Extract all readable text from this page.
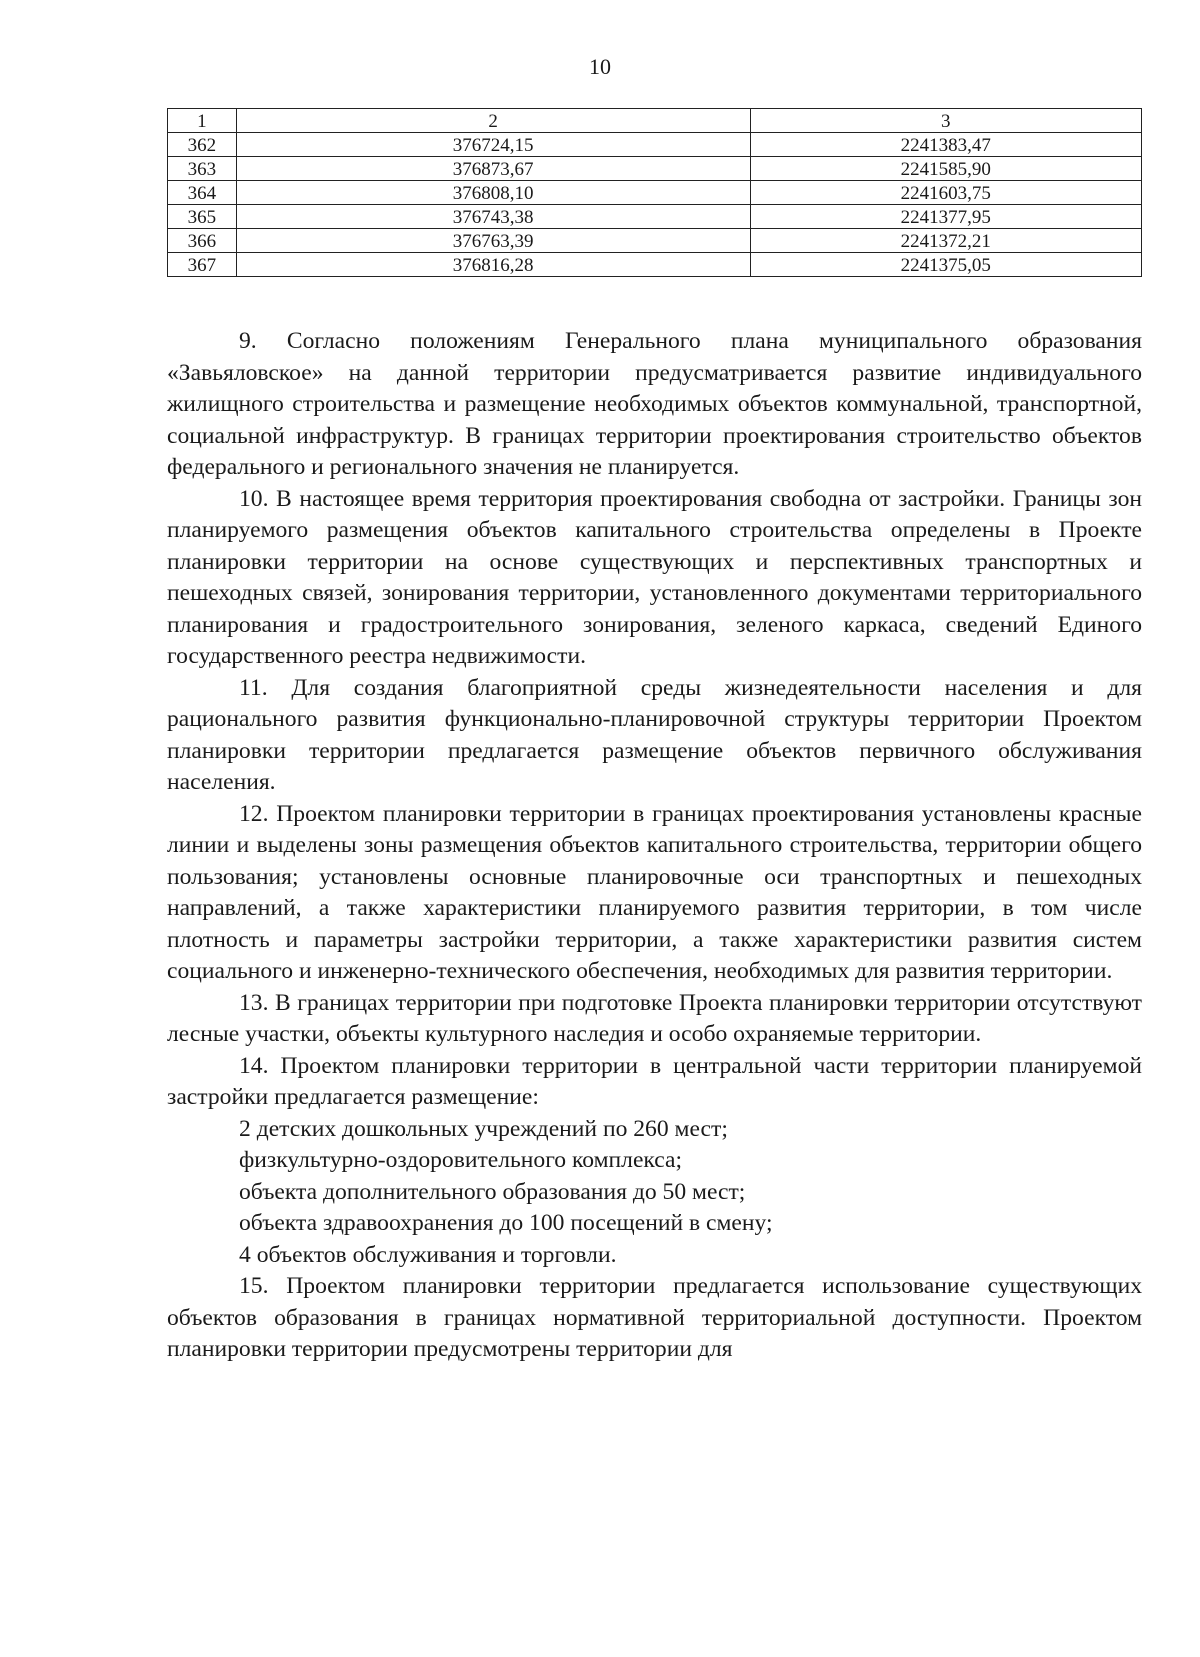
10
1	2	3
362	376724,15	2241383,47
363	376873,67	2241585,90
364	376808,10	2241603,75
365	376743,38	2241377,95
366	376763,39	2241372,21
367	376816,28	2241375,05

9. Согласно положениям Генерального плана муниципального образования «Завьяловское» на данной территории предусматривается развитие индивидуального жилищного строительства и размещение необходимых объектов коммунальной, транспортной, социальной инфраструктур. В границах территории проектирования строительство объектов федерального и регионального значения не планируется.

10. В настоящее время территория проектирования свободна от застройки. Границы зон планируемого размещения объектов капитального строительства определены в Проекте планировки территории на основе существующих и перспективных транспортных и пешеходных связей, зонирования территории, установленного документами территориального планирования и градостроительного зонирования, зеленого каркаса, сведений Единого государственного реестра недвижимости.

11. Для создания благоприятной среды жизнедеятельности населения и для рационального развития функционально-планировочной структуры территории Проектом планировки территории предлагается размещение объектов первичного обслуживания населения.

12. Проектом планировки территории в границах проектирования установлены красные линии и выделены зоны размещения объектов капитального строительства, территории общего пользования; установлены основные планировочные оси транспортных и пешеходных направлений, а также характеристики планируемого развития территории, в том числе плотность и параметры застройки территории, а также характеристики развития систем социального и инженерно-технического обеспечения, необходимых для развития территории.

13. В границах территории при подготовке Проекта планировки территории отсутствуют лесные участки, объекты культурного наследия и особо охраняемые территории.

14. Проектом планировки территории в центральной части территории планируемой застройки предлагается размещение:

2 детских дошкольных учреждений по 260 мест;

физкультурно-оздоровительного комплекса;

объекта дополнительного образования до 50 мест;

объекта здравоохранения до 100 посещений в смену;

4 объектов обслуживания и торговли.

15. Проектом планировки территории предлагается использование существующих объектов образования в границах нормативной территориальной доступности. Проектом планировки территории предусмотрены территории для
